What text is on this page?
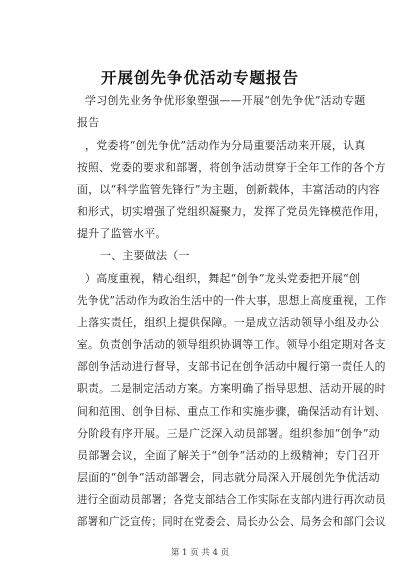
开展创先争优活动专题报告
学习创先业务争优形象塑强——开展“创先争优”活动专题
报告
，党委将“创先争优”活动作为分局重要活动来开展，认真
按照、党委的要求和部署，将创争活动贯穿于全年工作的各个方
面，以“科学监管先锋行”为主题，创新载体，丰富活动的内容
和形式，切实增强了党组织凝聚力，发挥了党员先锋模范作用，
提升了监管水平。
一、主要做法（一
）高度重视，精心组织，舞起“创争”龙头党委把开展“创
先争优”活动作为政治生活中的一件大事，思想上高度重视，工作
上落实责任，组织上提供保障。一是成立活动领导小组及办公
室。负责创争活动的领导组织协调等工作。领导小组定期对各支
部创争活动进行督导，支部书记在创争活动中履行第一责任人的
职责。二是制定活动方案。方案明确了指导思想、活动开展的时
间和范围、创争目标、重点工作和实施步骤，确保活动有计划、
分阶段有序开展。三是广泛深入动员部署。组织参加“创争”动
员部署会议，全面了解关于“创争”活动的上级精神；专门召开
层面的“创争”活动部署会，同志就分局深入开展创先争优活动
进行全面动员部署；各党支部结合工作实际在支部内进行再次动员
部署和广泛宣传；同时在党委会、局长办公会、局务会和部门会议
第 1 页 共 4 页
